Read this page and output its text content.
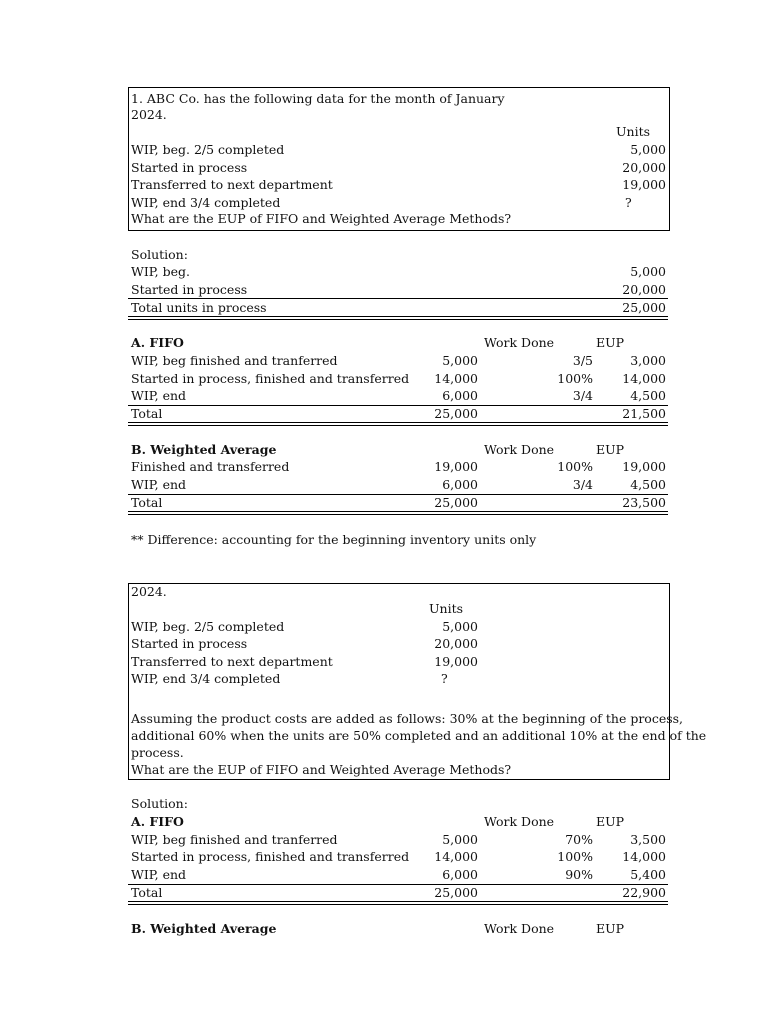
1. ABC Co. has the following data for the month of January
2024.
Units
WIP, beg. 2/5 completed	5,000
Started in process	20,000
Transferred to next department	19,000
WIP, end 3/4 completed	?
What are the EUP of FIFO and Weighted Average Methods?
Solution:
WIP, beg.	5,000
Started in process	20,000
Total units in process	25,000
A. FIFO	Work Done	EUP
WIP, beg finished and tranferred	5,000	3/5	3,000
Started in process, finished and transferred 14,000	100% 14,000
WIP, end	6,000	3/4	4,500
Total	25,000	21,500
B. Weighted Average	Work Done	EUP
Finished and transferred	19,000	100% 19,000
WIP, end	6,000	3/4	4,500
Total	25,000	23,500
** Difference: accounting for the beginning inventory units only
2024.
Units
WIP, beg. 2/5 completed	5,000
Started in process	20,000
Transferred to next department	19,000
WIP, end 3/4 completed	?
Assuming the product costs are added as follows: 30% at the beginning of the process,
additional 60% when the units are 50% completed and an additional 10% at the end of the
process.
What are the EUP of FIFO and Weighted Average Methods?
Solution:
A. FIFO	Work Done	EUP
WIP, beg finished and tranferred	5,000	70%	3,500
Started in process, finished and transferred 14,000	100% 14,000
WIP, end	6,000	90%	5,400
Total	25,000	22,900
B. Weighted Average	Work Done	EUP
